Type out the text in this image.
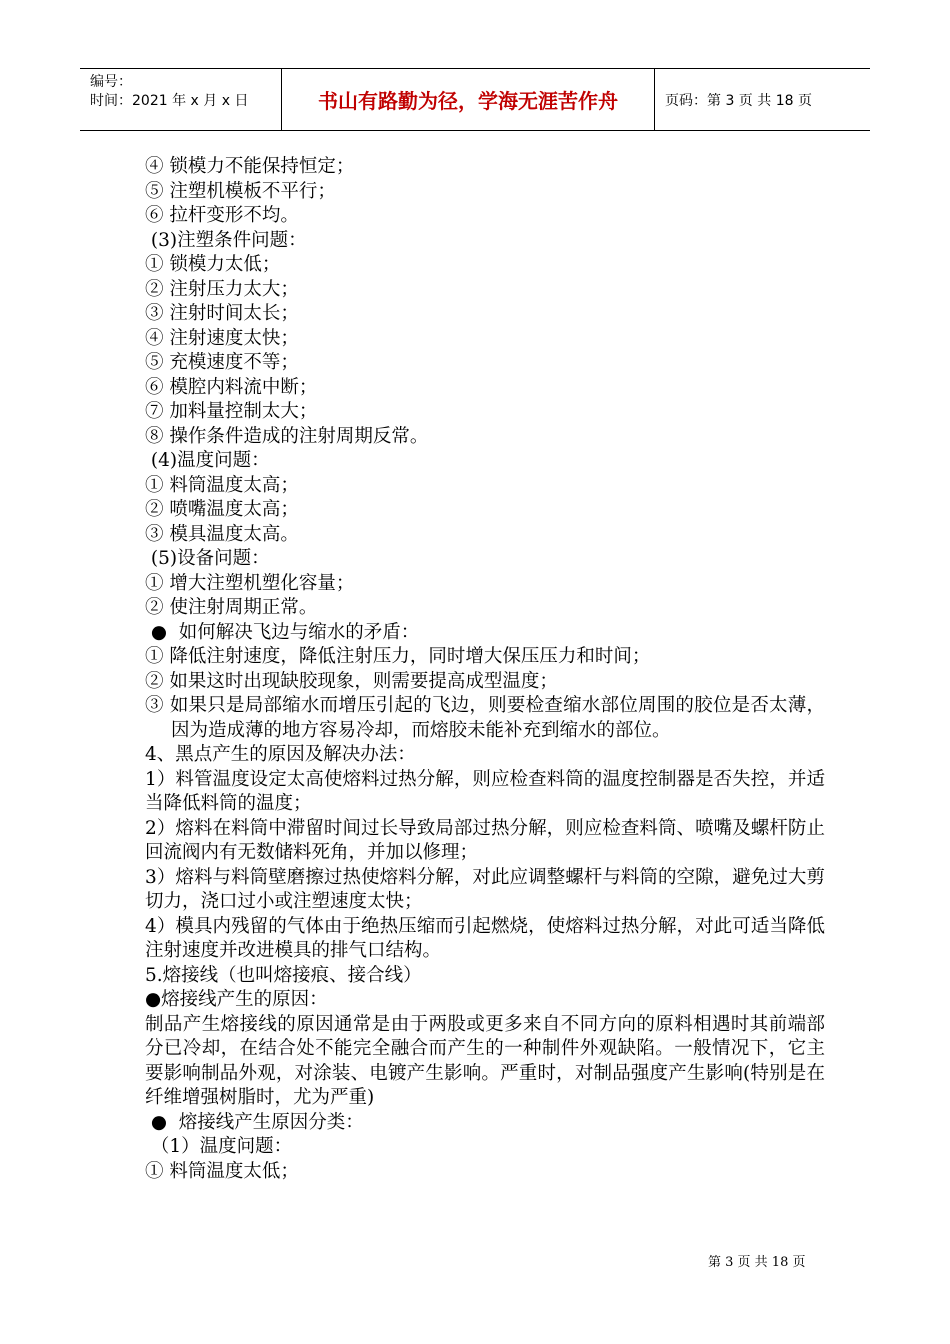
编号：
时间：2021 年 x 月 x 日	书山有路勤为径，学海无涯苦作舟	页码：第 3 页 共 18 页
④ 锁模力不能保持恒定；
⑤ 注塑机模板不平行；
⑥ 拉杆变形不均。
(3)注塑条件问题：
① 锁模力太低；
② 注射压力太大；
③ 注射时间太长；
④ 注射速度太快；
⑤ 充模速度不等；
⑥ 模腔内料流中断；
⑦ 加料量控制太大；
⑧ 操作条件造成的注射周期反常。
(4)温度问题：
① 料筒温度太高；
② 喷嘴温度太高；
③ 模具温度太高。
(5)设备问题：
① 增大注塑机塑化容量；
② 使注射周期正常。
●  如何解决飞边与缩水的矛盾：
① 降低注射速度，降低注射压力，同时增大保压压力和时间；
② 如果这时出现缺胶现象，则需要提高成型温度；
③ 如果只是局部缩水而增压引起的飞边，则要检查缩水部位周围的胶位是否太薄，因为造成薄的地方容易冷却，而熔胶未能补充到缩水的部位。
4、黑点产生的原因及解决办法：
1）料管温度设定太高使熔料过热分解，则应检查料筒的温度控制器是否失控，并适当降低料筒的温度；
2）熔料在料筒中滞留时间过长导致局部过热分解，则应检查料筒、喷嘴及螺杆防止回流阀内有无数储料死角，并加以修理；
3）熔料与料筒壁磨擦过热使熔料分解，对此应调整螺杆与料筒的空隙，避免过大剪切力，浇口过小或注塑速度太快；
4）模具内残留的气体由于绝热压缩而引起燃烧，使熔料过热分解，对此可适当降低注射速度并改进模具的排气口结构。
5.熔接线（也叫熔接痕、接合线）
●熔接线产生的原因：
制品产生熔接线的原因通常是由于两股或更多来自不同方向的原料相遇时其前端部分已冷却，在结合处不能完全融合而产生的一种制件外观缺陷。一般情况下，它主要影响制品外观，对涂装、电镀产生影响。严重时，对制品强度产生影响(特别是在纤维增强树脂时，尤为严重)
●  熔接线产生原因分类：
（1）温度问题：
① 料筒温度太低；
第 3 页 共 18 页
